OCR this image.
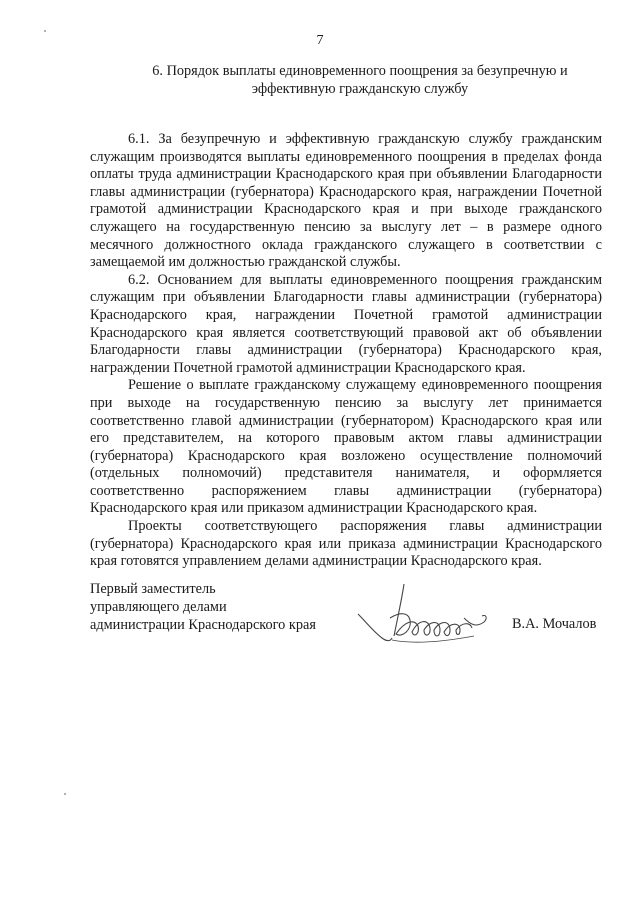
7
6. Порядок выплаты единовременного поощрения за безупречную и
эффективную гражданскую службу

6.1. За безупречную и эффективную гражданскую службу гражданским служащим производятся выплаты единовременного поощрения в пределах фонда оплаты труда администрации Краснодарского края при объявлении Благодарности главы администрации (губернатора) Краснодарского края, награждении Почетной грамотой администрации Краснодарского края и при выходе гражданского служащего на государственную пенсию за выслугу лет – в размере одного месячного должностного оклада гражданского служащего в соответствии с замещаемой им должностью гражданской службы.

6.2. Основанием для выплаты единовременного поощрения гражданским служащим при объявлении Благодарности главы администрации (губернатора) Краснодарского края, награждении Почетной грамотой администрации Краснодарского края является соответствующий правовой акт об объявлении Благодарности главы администрации (губернатора) Краснодарского края, награждении Почетной грамотой администрации Краснодарского края.

Решение о выплате гражданскому служащему единовременного поощрения при выходе на государственную пенсию за выслугу лет принимается соответственно главой администрации (губернатором) Краснодарского края или его представителем, на которого правовым актом главы администрации (губернатора) Краснодарского края возложено осуществление полномочий (отдельных полномочий) представителя нанимателя, и оформляется соответственно распоряжением главы администрации (губернатора) Краснодарского края или приказом администрации Краснодарского края.

Проекты соответствующего распоряжения главы администрации (губернатора) Краснодарского края или приказа администрации Краснодарского края готовятся управлением делами администрации Краснодарского края.

Первый заместитель
управляющего делами
администрации Краснодарского края	В.А. Мочалов
